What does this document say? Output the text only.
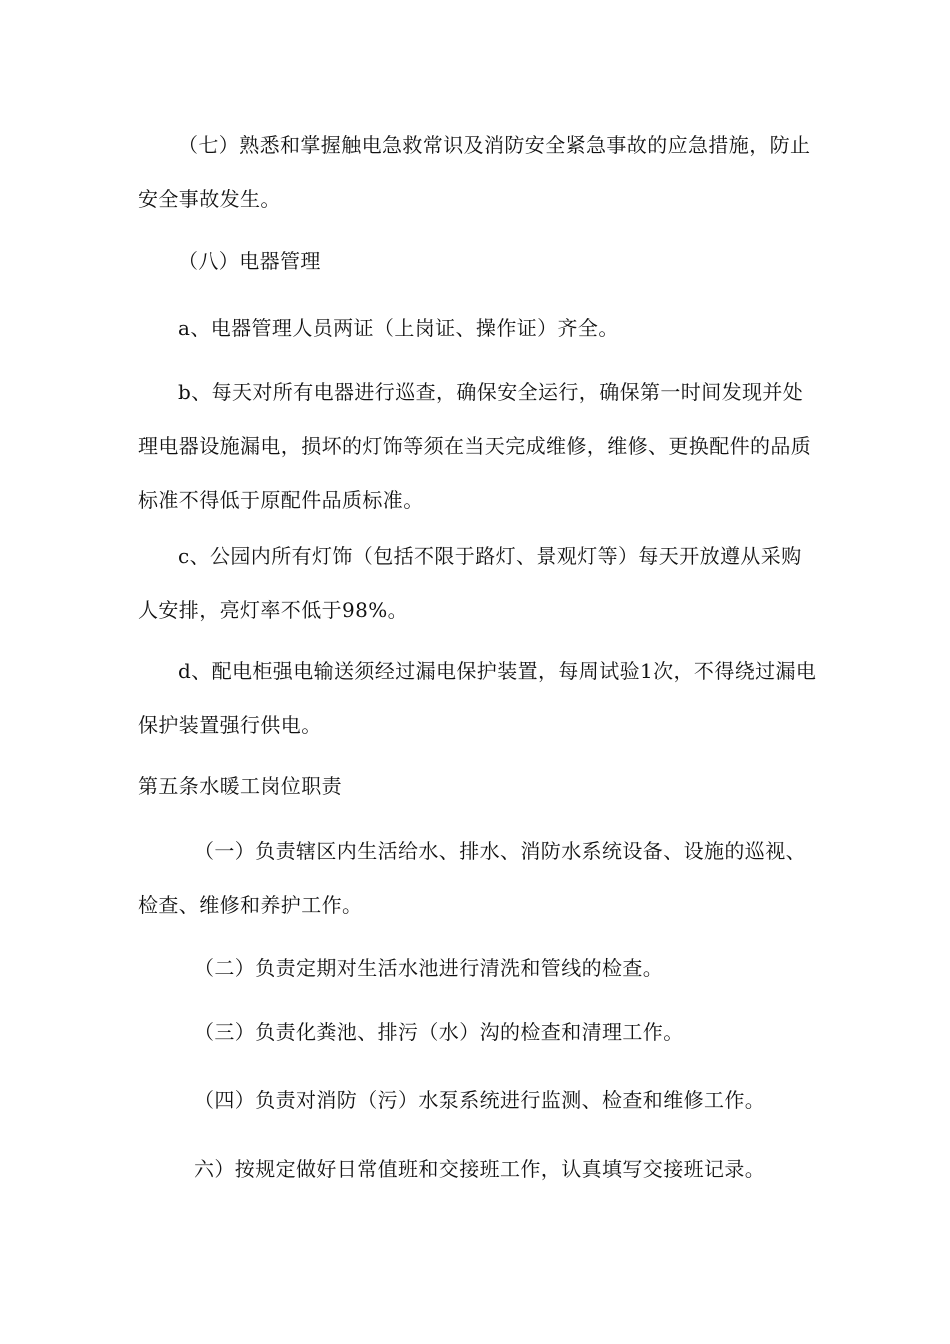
（七）熟悉和掌握触电急救常识及消防安全紧急事故的应急措施，防止安全事故发生。

（八）电器管理

a、电器管理人员两证（上岗证、操作证）齐全。

b、每天对所有电器进行巡查，确保安全运行，确保第一时间发现并处理电器设施漏电，损坏的灯饰等须在当天完成维修，维修、更换配件的品质标准不得低于原配件品质标准。

c、公园内所有灯饰（包括不限于路灯、景观灯等）每天开放遵从采购人安排，亮灯率不低于98%。

d、配电柜强电输送须经过漏电保护装置，每周试验1次，不得绕过漏电保护装置强行供电。

第五条水暖工岗位职责

（一）负责辖区内生活给水、排水、消防水系统设备、设施的巡视、检查、维修和养护工作。

（二）负责定期对生活水池进行清洗和管线的检查。

（三）负责化粪池、排污（水）沟的检查和清理工作。

（四）负责对消防（污）水泵系统进行监测、检查和维修工作。

六）按规定做好日常值班和交接班工作，认真填写交接班记录。
